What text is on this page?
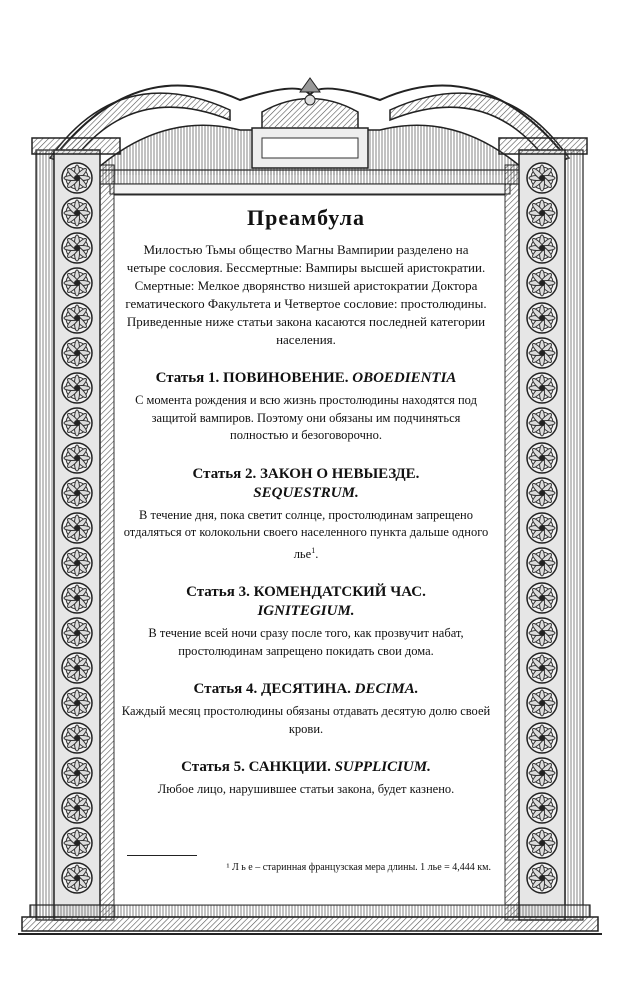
Преамбула
Милостью Тьмы общество Магны Вампирии разделено на четыре сословия. Бессмертные: Вампиры высшей аристократии. Смертные: Мелкое дворянство низшей аристократии Доктора гематического Факультета и Четвертое сословие: простолюдины. Приведенные ниже статьи закона касаются последней категории населения.
Статья 1. ПОВИНОВЕНИЕ. OBOEDIENTIA
С момента рождения и всю жизнь простолюдины находятся под защитой вампиров. Поэтому они обязаны им подчиняться полностью и безоговорочно.
Статья 2. ЗАКОН О НЕВЫЕЗДЕ.
SEQUESTRUM.
В течение дня, пока светит солнце, простолюдинам запрещено отдаляться от колокольни своего населенного пункта дальше одного лье$^1$.
Статья 3. КОМЕНДАТСКИЙ ЧАС.
IGNITEGIUM.
В течение всей ночи сразу после того, как прозвучит набат, простолюдинам запрещено покидать свои дома.
Статья 4. ДЕСЯТИНА. DECIMA.
Каждый месяц простолюдины обязаны отдавать десятую долю своей крови.
Статья 5. САНКЦИИ. SUPPLICIUM.
Любое лицо, нарушившее статьи закона, будет казнено.
¹ Л ь е – старинная французская мера длины. 1 лье = 4,444 км.
